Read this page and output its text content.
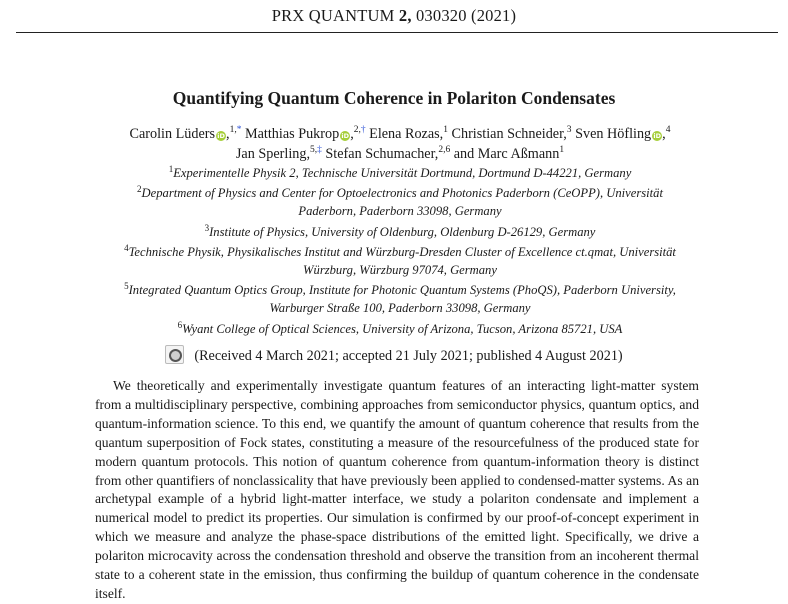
PRX QUANTUM 2, 030320 (2021)
Quantifying Quantum Coherence in Polariton Condensates
Carolin Lüders iD,$^{1,*}$ Matthias Pukrop iD,$^{2,\dagger}$ Elena Rozas,$^1$ Christian Schneider,$^3$ Sven Höfling iD,$^4$
Jan Sperling,$^{5,\ddagger}$ Stefan Schumacher,$^{2,6}$ and Marc Aßmann$^1$
$^1$Experimentelle Physik 2, Technische Universität Dortmund, Dortmund D-44221, Germany
$^2$Department of Physics and Center for Optoelectronics and Photonics Paderborn (CeOPP), Universität
Paderborn, Paderborn 33098, Germany
$^3$Institute of Physics, University of Oldenburg, Oldenburg D-26129, Germany
$^4$Technische Physik, Physikalisches Institut and Würzburg-Dresden Cluster of Excellence ct.qmat, Universität
Würzburg, Würzburg 97074, Germany
$^5$Integrated Quantum Optics Group, Institute for Photonic Quantum Systems (PhoQS), Paderborn University,
Warburger Straße 100, Paderborn 33098, Germany
$^6$Wyant College of Optical Sciences, University of Arizona, Tucson, Arizona 85721, USA
(Received 4 March 2021; accepted 21 July 2021; published 4 August 2021)

We theoretically and experimentally investigate quantum features of an interacting light-matter system from a multidisciplinary perspective, combining approaches from semiconductor physics, quantum optics, and quantum-information science. To this end, we quantify the amount of quantum coherence that results from the quantum superposition of Fock states, constituting a measure of the resourcefulness of the produced state for modern quantum protocols. This notion of quantum coherence from quantum-information theory is distinct from other quantifiers of nonclassicality that have previously been applied to condensed-matter systems. As an archetypal example of a hybrid light-matter interface, we study a polariton condensate and implement a numerical model to predict its properties. Our simulation is confirmed by our proof-of-concept experiment in which we measure and analyze the phase-space distributions of the emitted light. Specifically, we drive a polariton microcavity across the condensation threshold and observe the transition from an incoherent thermal state to a coherent state in the emission, thus confirming the buildup of quantum coherence in the condensate itself.
